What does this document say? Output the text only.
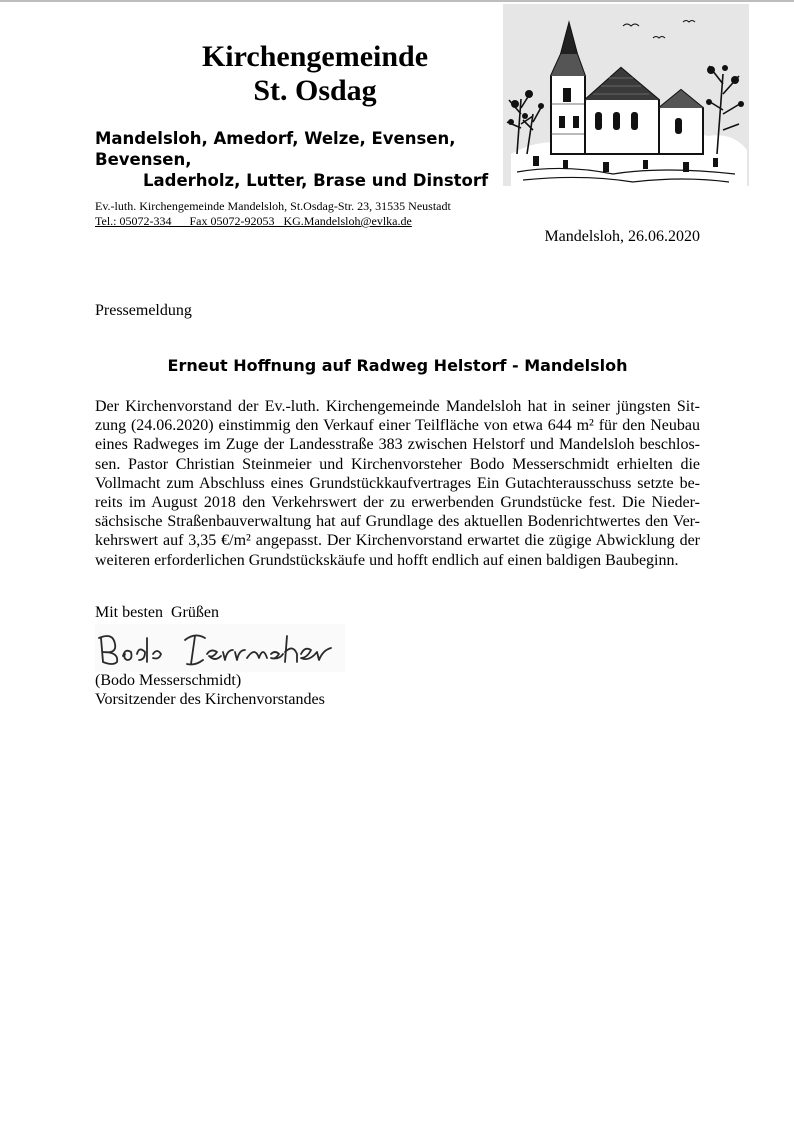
Kirchengemeinde
St. Osdag
Mandelsloh, Amedorf, Welze, Evensen,
Bevensen,
Laderholz, Lutter, Brase und Dinstorf
Ev.-luth. Kirchengemeinde Mandelsloh, St.Osdag-Str. 23, 31535 Neustadt
Tel.: 05072-334      Fax 05072-92053   KG.Mandelsloh@evlka.de
Mandelsloh, 26.06.2020
Pressemeldung
Erneut Hoffnung auf Radweg Helstorf - Mandelsloh
Der Kirchenvorstand der Ev.-luth. Kirchengemeinde Mandelsloh hat in seiner jüngsten Sit-
zung (24.06.2020) einstimmig den Verkauf einer Teilfläche von etwa 644 m² für den Neubau
eines Radweges im Zuge der Landesstraße 383 zwischen Helstorf und Mandelsloh beschlos-
sen. Pastor Christian Steinmeier und Kirchenvorsteher Bodo Messerschmidt erhielten die
Vollmacht zum Abschluss eines Grundstückkaufvertrages Ein Gutachterausschuss setzte be-
reits im August 2018 den Verkehrswert der zu erwerbenden Grundstücke fest. Die Nieder-
sächsische Straßenbauverwaltung hat auf Grundlage des aktuellen Bodenrichtwertes den Ver-
kehrswert auf 3,35 €/m² angepasst. Der Kirchenvorstand erwartet die zügige Abwicklung der
weiteren erforderlichen Grundstückskäufe und hofft endlich auf einen baldigen Baubeginn.
Mit besten  Grüßen
(Bodo Messerschmidt)
Vorsitzender des Kirchenvorstandes
